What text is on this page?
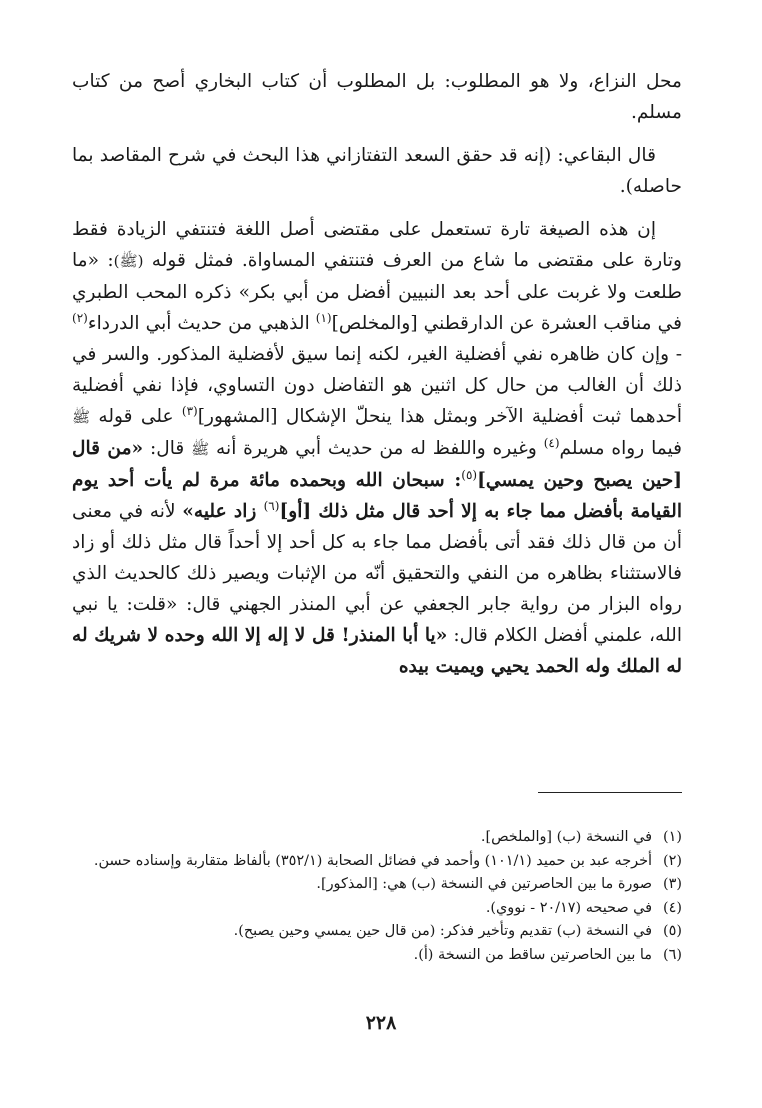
محل النزاع، ولا هو المطلوب: بل المطلوب أن كتاب البخاري أصح من كتاب مسلم.

قال البقاعي: (إنه قد حقق السعد التفتازاني هذا البحث في شرح المقاصد بما حاصله).

إن هذه الصيغة تارة تستعمل على مقتضى أصل اللغة فتنتفي الزيادة فقط وتارة على مقتضى ما شاع من العرف فتنتفي المساواة. فمثل قوله (ﷺ): «ما طلعت ولا غربت على أحد بعد النبيين أفضل من أبي بكر» ذكره المحب الطبري في مناقب العشرة عن الدارقطني [والمخلص]$^{(١)}$ الذهبي من حديث أبي الدرداء$^{(٢)}$ - وإن كان ظاهره نفي أفضلية الغير، لكنه إنما سيق لأفضلية المذكور. والسر في ذلك أن الغالب من حال كل اثنين هو التفاضل دون التساوي، فإذا نفي أفضلية أحدهما ثبت أفضلية الآخر وبمثل هذا ينحلّ الإشكال [المشهور]$^{(٣)}$ على قوله ﷺ فيما رواه مسلم$^{(٤)}$ وغيره واللفظ له من حديث أبي هريرة أنه ﷺ قال: «من قال [حين يصبح وحين يمسي]$^{(٥)}$: سبحان الله وبحمده مائة مرة لم يأت أحد يوم القيامة بأفضل مما جاء به إلا أحد قال مثل ذلك [أو]$^{(٦)}$ زاد عليه» لأنه في معنى أن من قال ذلك فقد أتى بأفضل مما جاء به كل أحد إلا أحداً قال مثل ذلك أو زاد فالاستثناء بظاهره من النفي والتحقيق أنّه من الإثبات ويصير ذلك كالحديث الذي رواه البزار من رواية جابر الجعفي عن أبي المنذر الجهني قال: «قلت: يا نبي الله، علمني أفضل الكلام قال: «يا أبا المنذر! قل لا إله إلا الله وحده لا شريك له له الملك وله الحمد يحيي ويميت بيده

(١)في النسخة (ب) [والملخص].
(٢)أخرجه عبد بن حميد (١٠١/١) وأحمد في فضائل الصحابة (٣٥٢/١) بألفاظ متقاربة وإسناده حسن.
(٣)صورة ما بين الحاصرتين في النسخة (ب) هي: [المذكور].
(٤)في صحيحه (٢٠/١٧ - نووي).
(٥)في النسخة (ب) تقديم وتأخير فذكر: (من قال حين يمسي وحين يصبح).
(٦)ما بين الحاصرتين ساقط من النسخة (أ).
٢٢٨
